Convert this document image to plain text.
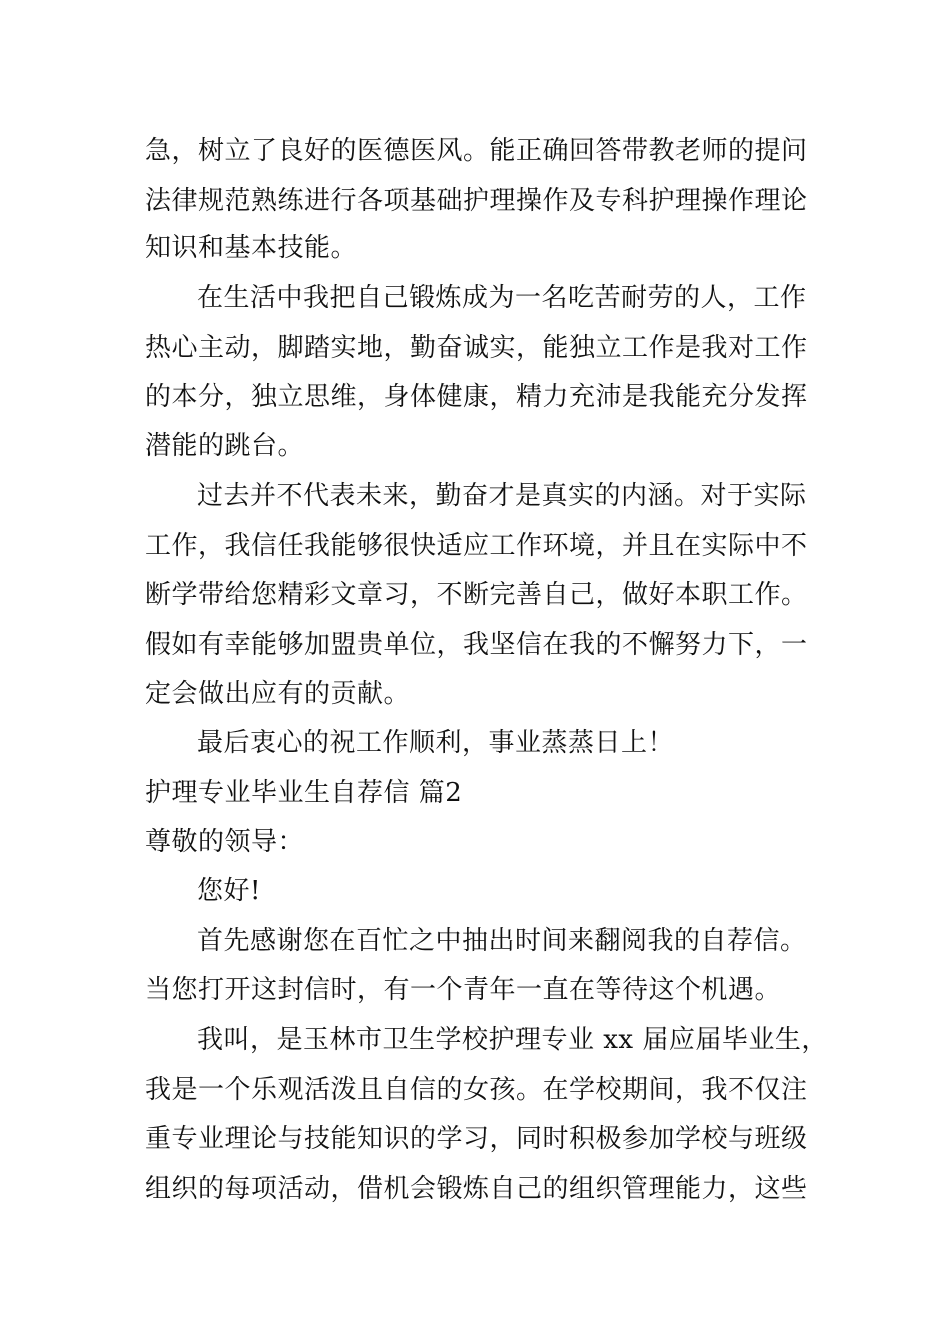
急，树立了良好的医德医风。能正确回答带教老师的提问
法律规范熟练进行各项基础护理操作及专科护理操作理论
知识和基本技能。
在生活中我把自己锻炼成为一名吃苦耐劳的人，工作
热心主动，脚踏实地，勤奋诚实，能独立工作是我对工作
的本分，独立思维，身体健康，精力充沛是我能充分发挥
潜能的跳台。
过去并不代表未来，勤奋才是真实的内涵。对于实际
工作，我信任我能够很快适应工作环境，并且在实际中不
断学带给您精彩文章习，不断完善自己，做好本职工作。
假如有幸能够加盟贵单位，我坚信在我的不懈努力下，一
定会做出应有的贡献。
最后衷心的祝工作顺利，事业蒸蒸日上！
护理专业毕业生自荐信 篇2
尊敬的领导：
您好!
首先感谢您在百忙之中抽出时间来翻阅我的自荐信。
当您打开这封信时，有一个青年一直在等待这个机遇。
我叫，是玉林市卫生学校护理专业 xx 届应届毕业生，
我是一个乐观活泼且自信的女孩。在学校期间，我不仅注
重专业理论与技能知识的学习，同时积极参加学校与班级
组织的每项活动，借机会锻炼自己的组织管理能力，这些
